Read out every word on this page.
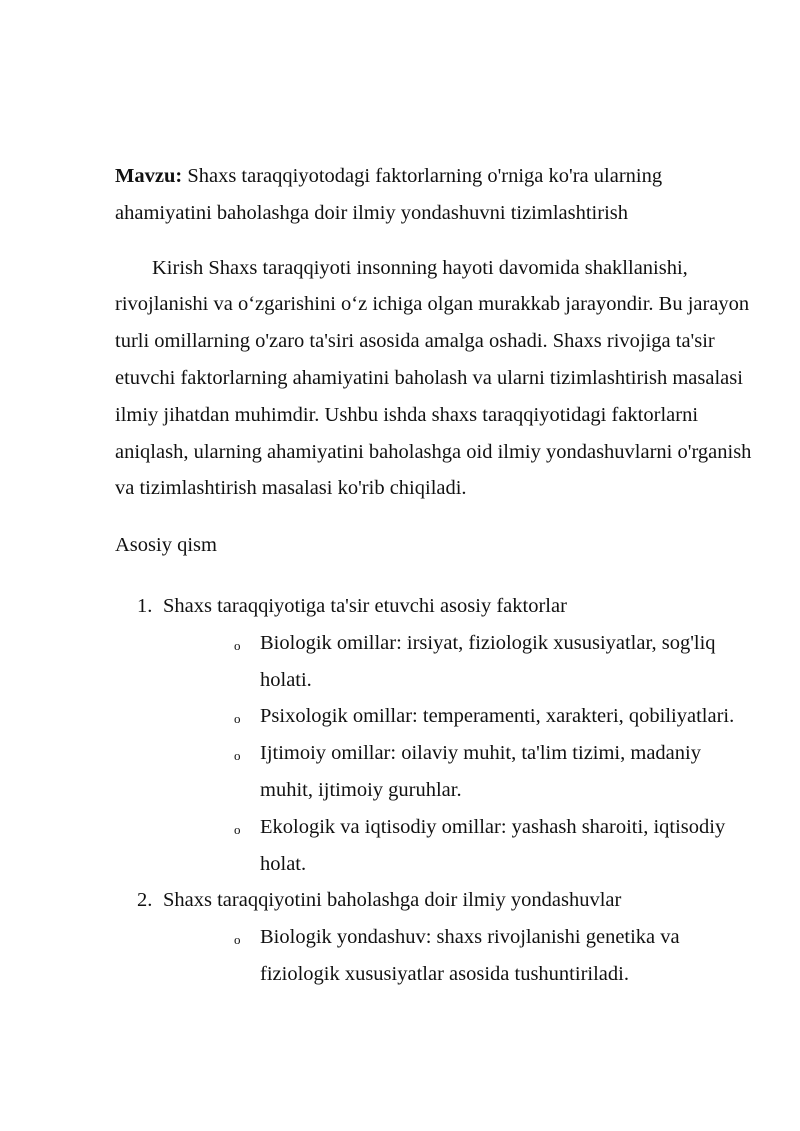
Mavzu: Shaxs taraqqiyotodagi faktorlarning o'rniga ko'ra ularning ahamiyatini baholashga doir ilmiy yondashuvni tizimlashtirish

Kirish Shaxs taraqqiyoti insonning hayoti davomida shakllanishi, rivojlanishi va o‘zgarishini o‘z ichiga olgan murakkab jarayondir. Bu jarayon turli omillarning o'zaro ta'siri asosida amalga oshadi. Shaxs rivojiga ta'sir etuvchi faktorlarning ahamiyatini baholash va ularni tizimlashtirish masalasi ilmiy jihatdan muhimdir. Ushbu ishda shaxs taraqqiyotidagi faktorlarni aniqlash, ularning ahamiyatini baholashga oid ilmiy yondashuvlarni o'rganish va tizimlashtirish masalasi ko'rib chiqiladi.

Asosiy qism

1. Shaxs taraqqiyotiga ta'sir etuvchi asosiy faktorlar
o Biologik omillar: irsiyat, fiziologik xususiyatlar, sog'liq holati.
o Psixologik omillar: temperamenti, xarakteri, qobiliyatlari.
o Ijtimoiy omillar: oilaviy muhit, ta'lim tizimi, madaniy muhit, ijtimoiy guruhlar.
o Ekologik va iqtisodiy omillar: yashash sharoiti, iqtisodiy holat.
2. Shaxs taraqqiyotini baholashga doir ilmiy yondashuvlar
o Biologik yondashuv: shaxs rivojlanishi genetika va fiziologik xususiyatlar asosida tushuntiriladi.
